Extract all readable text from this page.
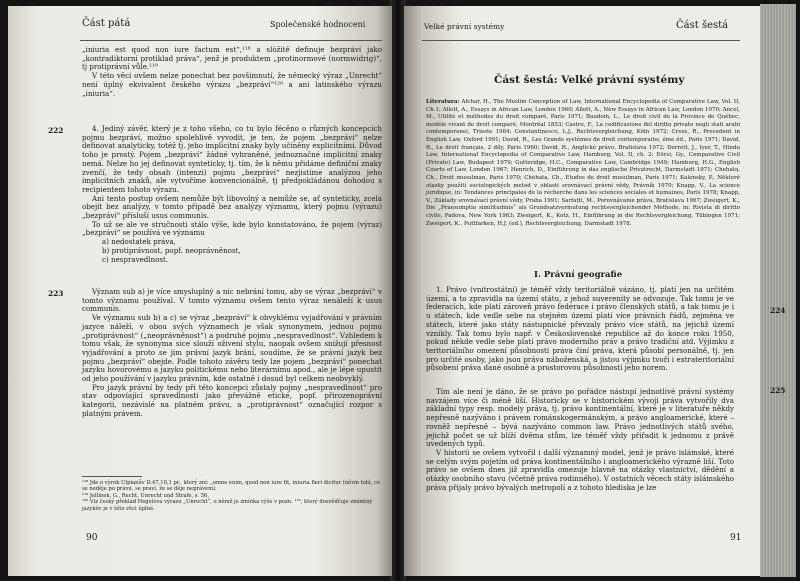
Část pátá	Společenské hodnoceni

„iniuria est quod non iure factum est“,¹¹⁸ a slòžitě definuje bezpráví jako „kontradiktorní protiklad práva“, jenž je produktem „protinormové (normwidrig)“, tj protiprávní vůle.¹¹⁹

V této věci ovšem nelze ponechat bez povšimnutí, že německý výraz „Unrecht“ není úplný ekvivalent českého výrazu „bezpráví“¹²⁰ a ani latinského výrazu „iniuria“.

222	4. Jediný závěr, který je z toho všeho, co tu bylo fécěno o různých koncepcích pojmu bezpráví, možno spolehlivě vyvodit, je ten, že pojem „bezpráví“ nelze definovat analyticky, totéž tj. jeho implicitní znaky byly učiněny explicitními. Důvod toho je prostý. Pojem „bezpráví“ žádné vyhraněné, jednoznačné implicitní znaky nemá. Nelze ho jej definovat synteticky, tj. tím, že k němu přidáme definiční znaky zvenčí, že tedy obsah (intenzi) pojmu „bezpráví“ nezjistíme analýzou jeho implicitních znaků, ale vytvoříme konvencionálně, tj předpokládánou dohodou s recipientem tohoto výrazu.

Ani tento postup ovšem nemůže být libovolný a nemůže se, ať synteticky, zcela obejít bez analýzy, v tomto případě bez analýzy významu, který pojmu (výrazu) „bezpráví“ přísluší usus communis.

To už se ale ve stručnosti stálo výše, kde bylo konstatováno, že pojem (výraz) „bezpráví“ se používá ve významu

a) nedostatek práva,

b) protiprávnost, popf. neoprávněnost,

c) nespravedlnost.

223	Význam sub a) je více smysluplný a nic nebrání tomu, aby se výraz „bezpráví“ v tomto významu používal. V tomto významu ovšem tento výraz nenáleží k usus communis.

Ve významu sub b) a c) se výraz „bezpráví“ k obvyklému vyjadřování v právním jazyce náleží, v obou svých významech je však synonymem, jednou pojmu „protiprávnost“ („neoprávněnost“) a podruhé pojmu „nespravedlnost“. Vzhledem k tomu však, že synonyma sice slouží oživení stylu, naopak ovšem snižují přesnost vyjadřování a proto se jim právní jazyk brání, soudíme, že se právní jazyk bez pojmu „bezpráví“ obejde. Podle tohoto závěru tedy lze pojem „bezpráví“ ponechat jazyku hovorovému a jazyku politickému nebo literárnímu apod., ale je lépe upustit od jeho používání v jazyku právním, kde ostatně i dosud byl celkem neobvyklý.

Pro jazyk právní by tedy při této koncepci zůstaly pojmy „nespravedlnost“ pro stav odpovíající spravedlnosti jako převážně etické, popf. přirozenoprávní kategorii, nezávislé na platném právu, a „protiprávnost“ označující rozpor s platným právem.

¹¹⁸ Jde o výrok Ulpianův D.47,10,1 pr., který zní: „omne enim, quod non iure fit, iniuria fieri dicitur (něvm totž, co se neděje po právu, se praví, že se děje neprávem).

¹¹⁹ Jellinek, G., Recht, Unrecht und Strafe, s. 56.

¹²⁰ Viz český překlad Hegelova výrazu „Unrecht“, o němž je zmínka výše v pozn. ¹¹⁶, který dosvědčuje zmíněný jazykóv je v této věci úplné.

90
Velké právní systémy	Část šestá
Část šestá: Velké právní systémy
Literatura: Afchar, H., The Muslim Conception of Law, International Encyclopedia of Comparative Law, Vol. II, Ch.1; Allott, A., Essays in African Law, London 1960; Allott, A., New Essays in African Law, London 1970; Ancel, M., Utilité et méthodes du droit comparé, Paris 1971; Baudoin, L., Le droit civil de la Province de Québec, modèle vivant de droit comparé, Montréal 1853; Castro, F., La codificazione del diritto privato negli stati arabi contemporanei, Trieste 1984; Constantinesco, L.J., Rechtsvergleichung, Köln 1972; Cross, R., Precedent in English Law, Oxford 1991; David, R., Les Grands systèmes de droit contemporains, éme éd., Paris 1971; David, R., Le droit français, 2 díly, Paris 1960; David, R., Anglické právo, Bratislava 1972; Derrett, J., Iyer, T., Hindu Law, International Encyclopedia of Comparative Law, Hamburg, Vol. II, ch. 2; Eörsi, Gy., Comparative Civil (Private) Law, Budapest 1979; Gutteridge, H.C., Comparative Law, Cambridge 1949; Hamburg, H.G., English Courts of Law, London 1967; Henrich, D., Einführung in das englische Privatrecht, Darmstadt 1971; Chehata, Ch., Droit musulman, Paris 1970; Chehata, Ch., Etudes de droit musulman, Paris 1971; Kalensky, P., Některé otazky použití sociologických metod v oblasti srovnávací právní vědy, Právník 1970; Knapp, V., La science juridique, in: Tendances principales de la recherche dans les sciences sociales et humaines, Paris 1978; Knapp, V., Základy srovnávací právní vědy, Praha 1991; Sarfatti, M., Porovnávanie práva, Bratislava 1967; Zweigert, K., Die „Praesumptio similitudinis“ als Grundsatzvermutung rechtsvergleichender Methode, in: Rivista di diritto civile, Padova, New York 1963; Zweigert, K., Kotz, H., Einführung in die Rechtsvergleichung, Tübingen 1971; Zweigert, K., Puttfarken, H.J. (ed.), Rechtsvergleichung, Darmstadt 1978.
I. Právní geografie

1. Právo (vnitrostátní) je téměř vždy teritoriálně vázáno, tj. platí jen na určitém území, a to zpravidla na území státu, z jehož suverenity se odvozuje. Tak tomu je ve federacích, kde platí zároveň právo federace i právo členských států, a tak tomu je i u státech, kde vedle sebe na stejném území platí více právních řádů, zejména ve státech, které jako státy nástupnické převzaly právo více států, na jejichž území vznikly. Tak tomu bylo např. v Československé republice až do konce roku 1950, pokud někde vedle sebe platí právo moderního práv a právo tradiční atd. Výjimku z teritoriálního omezení působnosti práva činí práva, která působí personálně, tj. jen pro určité osoby, jako jsou práva náboženská, a jistou výjimku tvoří i extrateritoriální působení práva dané osobně a prostorovou působností jeho norem.

Tím ale není je dáno, že se právo po pořádce nástupí jednotlivé právní systémy navzájem více či méně liší. Historicky se v historickém vývoji práva vytvořily dva základní typy resp. modely práva, tj. právo kontinentální, které je v literatuře někdy nepřesně nazýváno i právem románskogermánským, a právo angloamerické, které – rovněž nepřesně – bývá nazýváno common law. Právo jednotlivých států svého, jejichž počet se už blíží dvěma stům, lze téměř vždy přiřadit k jednomu z právě uvedených typů.

V historii se ovšem vytvořil i další významný model, jenž je právo islámské, které se celým svým pojetím od práva kontinentálního i angloamerického výrazně liší. Toto právo se ovšem dnes již zpravidla omezuje hlavně na otázky vlastnictví, dědění a otázky osobního stavu (včetně práva rodinného). V ostatních věcech státy islámského práva přijaly právo bývalých metropolí a z tohoto hlediska je lze

91
224
225
